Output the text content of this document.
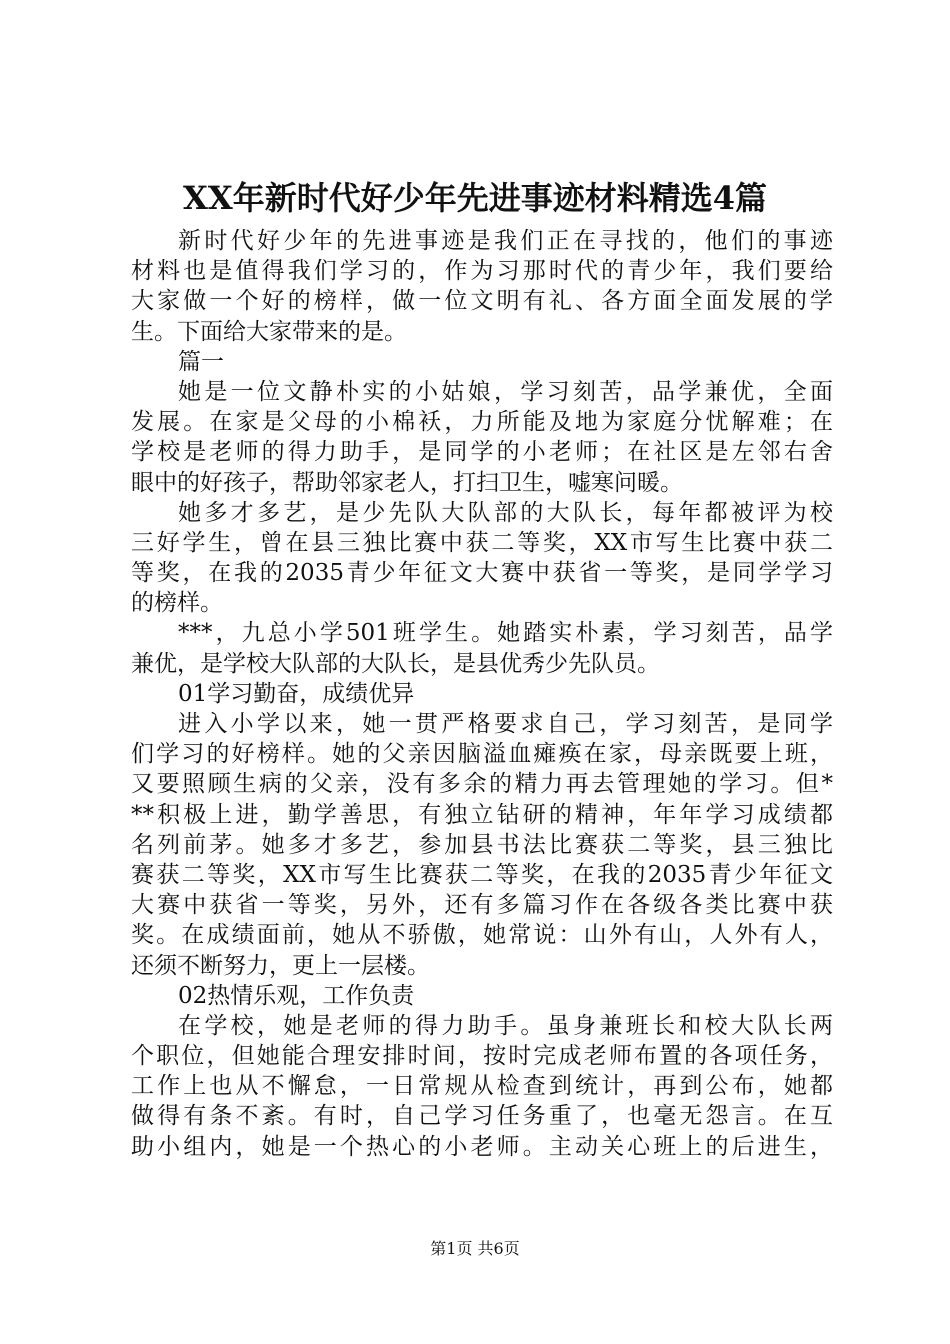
XX年新时代好少年先进事迹材料精选4篇
新时代好少年的先进事迹是我们正在寻找的，他们的事迹
材料也是值得我们学习的，作为习那时代的青少年，我们要给
大家做一个好的榜样，做一位文明有礼、各方面全面发展的学
生。下面给大家带来的是。
篇一
她是一位文静朴实的小姑娘，学习刻苦，品学兼优，全面
发展。在家是父母的小棉袄，力所能及地为家庭分忧解难；在
学校是老师的得力助手，是同学的小老师；在社区是左邻右舍
眼中的好孩子，帮助邻家老人，打扫卫生，嘘寒问暖。
她多才多艺，是少先队大队部的大队长，每年都被评为校
三好学生，曾在县三独比赛中获二等奖，XX市写生比赛中获二
等奖，在我的2035青少年征文大赛中获省一等奖，是同学学习
的榜样。
***，九总小学501班学生。她踏实朴素，学习刻苦，品学
兼优，是学校大队部的大队长，是县优秀少先队员。
01学习勤奋，成绩优异
进入小学以来，她一贯严格要求自己，学习刻苦，是同学
们学习的好榜样。她的父亲因脑溢血瘫痪在家，母亲既要上班，
又要照顾生病的父亲，没有多余的精力再去管理她的学习。但*
**积极上进，勤学善思，有独立钻研的精神，年年学习成绩都
名列前茅。她多才多艺，参加县书法比赛获二等奖，县三独比
赛获二等奖，XX市写生比赛获二等奖，在我的2035青少年征文
大赛中获省一等奖，另外，还有多篇习作在各级各类比赛中获
奖。在成绩面前，她从不骄傲，她常说：山外有山，人外有人，
还须不断努力，更上一层楼。
02热情乐观，工作负责
在学校，她是老师的得力助手。虽身兼班长和校大队长两
个职位，但她能合理安排时间，按时完成老师布置的各项任务，
工作上也从不懈怠，一日常规从检查到统计，再到公布，她都
做得有条不紊。有时，自己学习任务重了，也毫无怨言。在互
助小组内，她是一个热心的小老师。主动关心班上的后进生，
第1页 共6页
